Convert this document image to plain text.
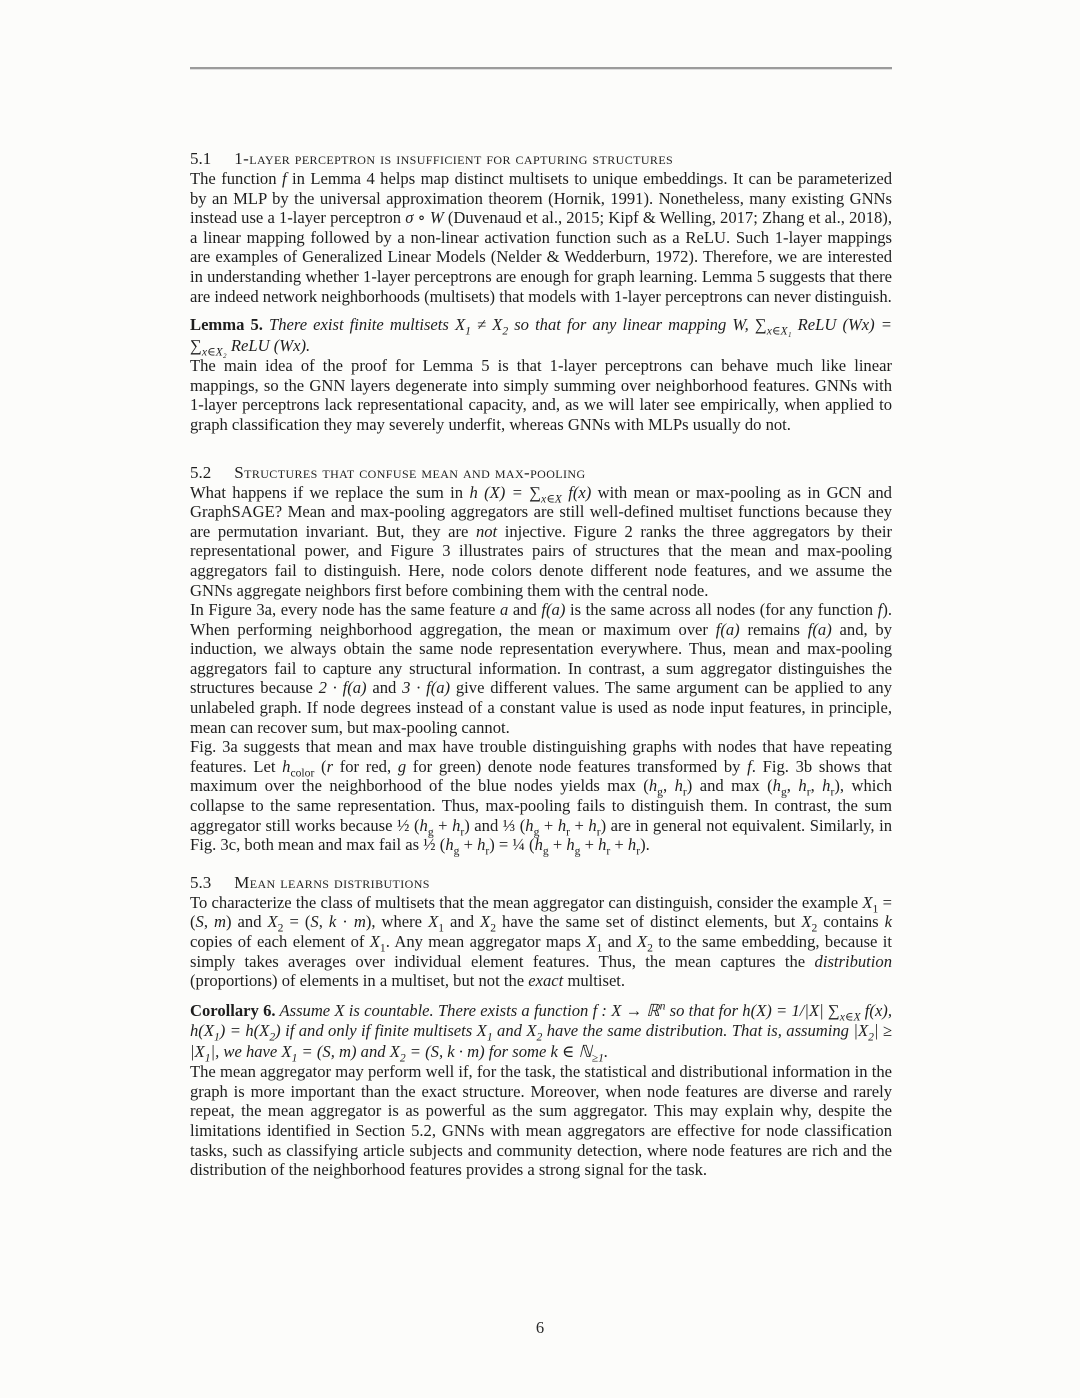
5.1 1-layer perceptron is insufficient for capturing structures

The function f in Lemma 4 helps map distinct multisets to unique embeddings. It can be parameterized by an MLP by the universal approximation theorem (Hornik, 1991). Nonetheless, many existing GNNs instead use a 1-layer perceptron σ ∘ W (Duvenaud et al., 2015; Kipf & Welling, 2017; Zhang et al., 2018), a linear mapping followed by a non-linear activation function such as a ReLU. Such 1-layer mappings are examples of Generalized Linear Models (Nelder & Wedderburn, 1972). Therefore, we are interested in understanding whether 1-layer perceptrons are enough for graph learning. Lemma 5 suggests that there are indeed network neighborhoods (multisets) that models with 1-layer perceptrons can never distinguish.

Lemma 5. There exist finite multisets $X_1 \ne X_2$ so that for any linear mapping W, $\sum_{x\in X_1}$ ReLU $(Wx) = \sum_{x\in X_2}$ ReLU (Wx).

The main idea of the proof for Lemma 5 is that 1-layer perceptrons can behave much like linear mappings, so the GNN layers degenerate into simply summing over neighborhood features. GNNs with 1-layer perceptrons lack representational capacity, and, as we will later see empirically, when applied to graph classification they may severely underfit, whereas GNNs with MLPs usually do not.

5.2 Structures that confuse mean and max-pooling

What happens if we replace the sum in h $(X) = \sum_{x\in X}$ f(x) with mean or max-pooling as in GCN and GraphSAGE? Mean and max-pooling aggregators are still well-defined multiset functions because they are permutation invariant. But, they are not injective. Figure 2 ranks the three aggregators by their representational power, and Figure 3 illustrates pairs of structures that the mean and max-pooling aggregators fail to distinguish. Here, node colors denote different node features, and we assume the GNNs aggregate neighbors first before combining them with the central node.

In Figure 3a, every node has the same feature a and f(a) is the same across all nodes (for any function f). When performing neighborhood aggregation, the mean or maximum over f(a) remains f(a) and, by induction, we always obtain the same node representation everywhere. Thus, mean and max-pooling aggregators fail to capture any structural information. In contrast, a sum aggregator distinguishes the structures because 2 · f(a) and 3 · f(a) give different values. The same argument can be applied to any unlabeled graph. If node degrees instead of a constant value is used as node input features, in principle, mean can recover sum, but max-pooling cannot.

Fig. 3a suggests that mean and max have trouble distinguishing graphs with nodes that have repeating features. Let $h_{color}$ (r for red, g for green) denote node features transformed by f. Fig. 3b shows that maximum over the neighborhood of the blue nodes yields $\max (h_g$, $h_r$) and $\max (h_g$, $h_r$, $h_r$), which collapse to the same representation. Thus, max-pooling fails to distinguish them. In contrast, the sum aggregator still works because ½ $(h_g + h_r)$ and ⅓ $(h_g + h_r + h_r)$ are in general not equivalent. Similarly, in Fig. 3c, both mean and max fail as ½ $(h_g + h_r)$ = ¼ $(h_g + h_g + h_r + h_r)$.

5.3 Mean learns distributions

To characterize the class of multisets that the mean aggregator can distinguish, consider the example $X_1 = (S$, m) and $X_2 = (S$, k · m), where $X_1$ and $X_2$ have the same set of distinct elements, but $X_2$ contains k copies of each element of $X_1$. Any mean aggregator maps $X_1$ and $X_2$ to the same embedding, because it simply takes averages over individual element features. Thus, the mean captures the distribution (proportions) of elements in a multiset, but not the exact multiset.

Corollary 6. Assume X is countable. There exists a function f : X → ℝ$^n$ so that for h(X) = 1/|X| $\sum_{x\in X}$ f(x), $h(X_1) = h(X_2)$ if and only if finite multisets $X_1$ and $X_2$ have the same distribution. That is, assuming $|X_2| \ge |X_1|$, we have $X_1 = (S$, m) and $X_2 = (S$, k · m) for some k ∈ ℕ$_{\ge 1}$.

The mean aggregator may perform well if, for the task, the statistical and distributional information in the graph is more important than the exact structure. Moreover, when node features are diverse and rarely repeat, the mean aggregator is as powerful as the sum aggregator. This may explain why, despite the limitations identified in Section 5.2, GNNs with mean aggregators are effective for node classification tasks, such as classifying article subjects and community detection, where node features are rich and the distribution of the neighborhood features provides a strong signal for the task.

6
